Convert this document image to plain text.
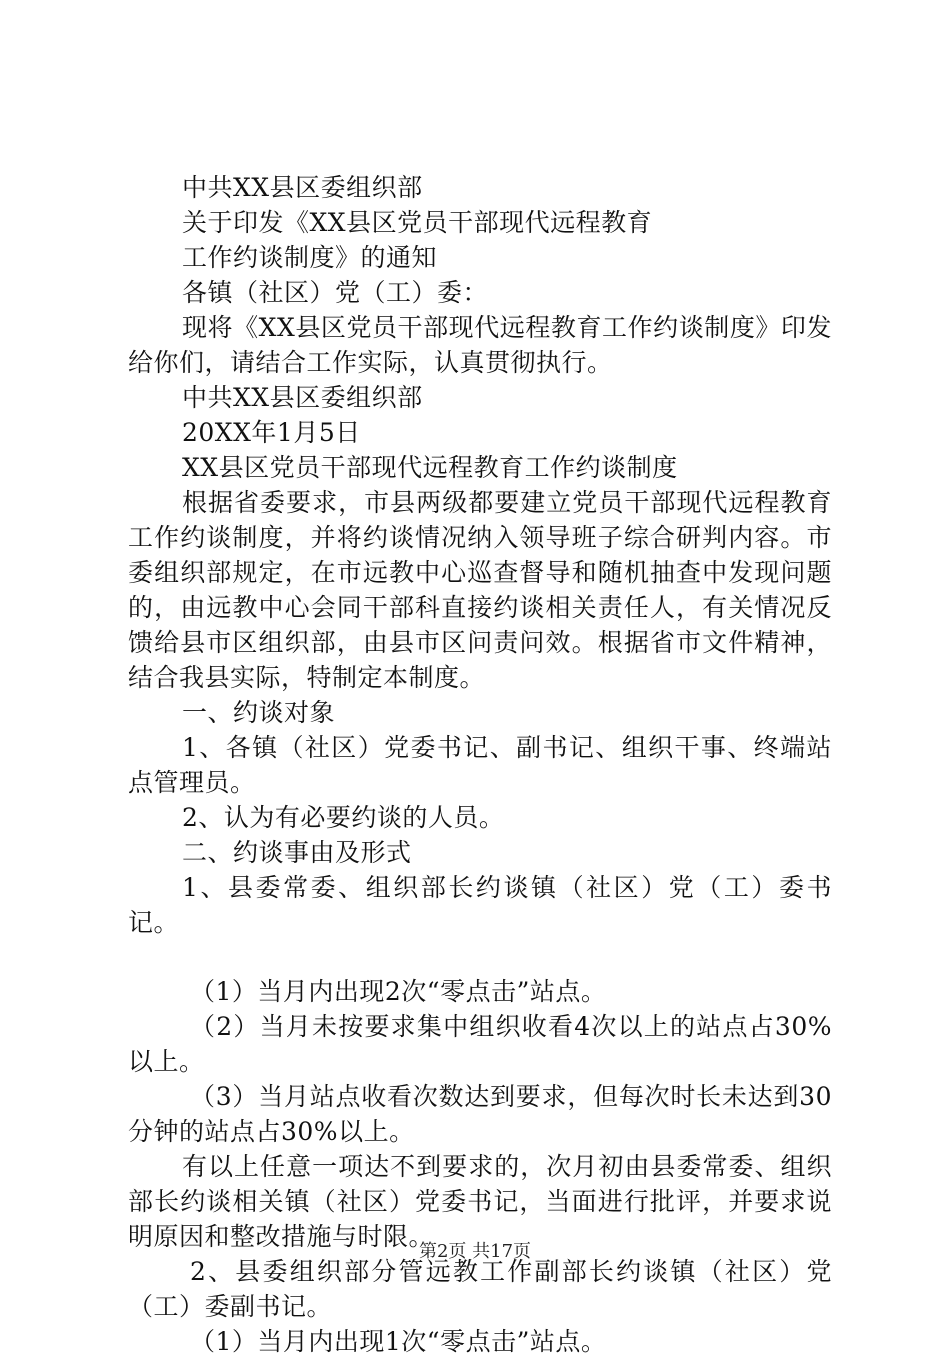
中共XX县区委组织部

关于印发《XX县区党员干部现代远程教育

工作约谈制度》的通知

各镇（社区）党（工）委：

现将《XX县区党员干部现代远程教育工作约谈制度》印发给你们，请结合工作实际，认真贯彻执行。

中共XX县区委组织部

20XX年1月5日

XX县区党员干部现代远程教育工作约谈制度

根据省委要求，市县两级都要建立党员干部现代远程教育工作约谈制度，并将约谈情况纳入领导班子综合研判内容。市委组织部规定，在市远教中心巡查督导和随机抽查中发现问题的，由远教中心会同干部科直接约谈相关责任人，有关情况反馈给县市区组织部，由县市区问责问效。根据省市文件精神，结合我县实际，特制定本制度。

一、约谈对象

1、各镇（社区）党委书记、副书记、组织干事、终端站点管理员。

2、认为有必要约谈的人员。

二、约谈事由及形式

1、县委常委、组织部长约谈镇（社区）党（工）委书记。

（1）当月内出现2次“零点击”站点。

（2）当月未按要求集中组织收看4次以上的站点占30%以上。

（3）当月站点收看次数达到要求，但每次时长未达到30分钟的站点占30%以上。

有以上任意一项达不到要求的，次月初由县委常委、组织部长约谈相关镇（社区）党委书记，当面进行批评，并要求说明原因和整改措施与时限。

2、县委组织部分管远教工作副部长约谈镇（社区）党（工）委副书记。

（1）当月内出现1次“零点击”站点。

第2页 共17页
